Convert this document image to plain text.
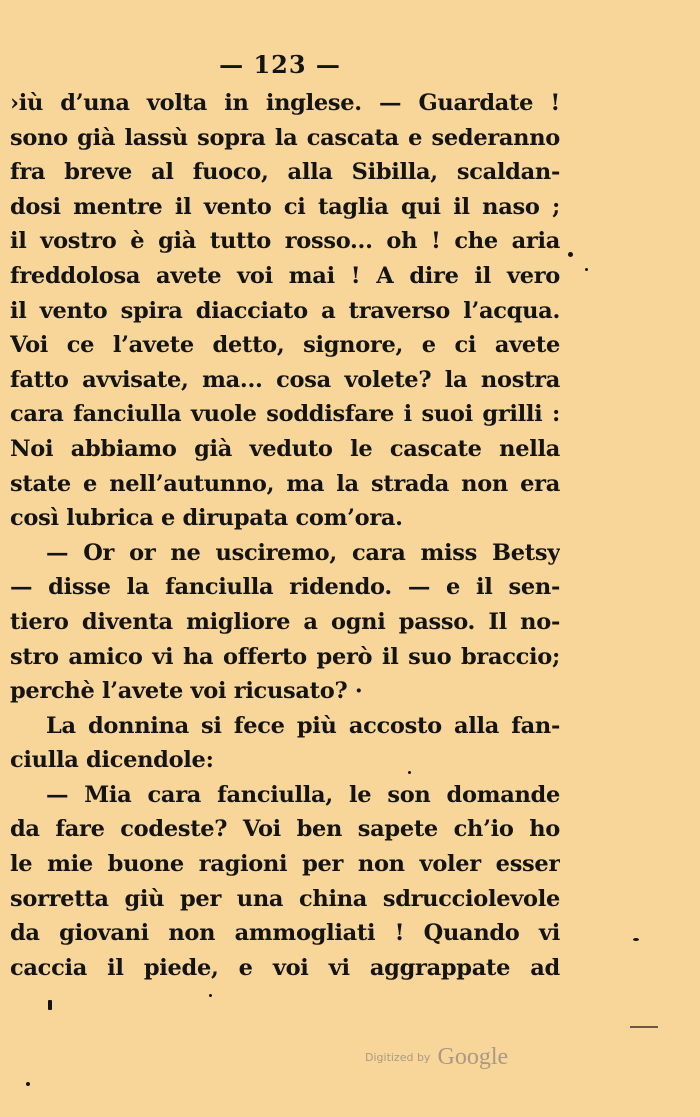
— 123 —
›iù d’una volta in inglese. — Guardate !
sono già lassù sopra la cascata e sederanno
fra breve al fuoco, alla Sibilla, scaldan-
dosi mentre il vento ci taglia qui il naso ;
il vostro è già tutto rosso... oh ! che aria
freddolosa avete voi mai ! A dire il vero
il vento spira diacciato a traverso l’acqua.
Voi ce l’avete detto, signore, e ci avete
fatto avvisate, ma... cosa volete? la nostra
cara fanciulla vuole soddisfare i suoi grilli :
Noi abbiamo già veduto le cascate nella
state e nell’autunno, ma la strada non era
così lubrica e dirupata com’ora.
— Or or ne usciremo, cara miss Betsy
— disse la fanciulla ridendo. — e il sen-
tiero diventa migliore a ogni passo. Il no-
stro amico vi ha offerto però il suo braccio;
perchè l’avete voi ricusato? ·
La donnina si fece più accosto alla fan-
ciulla dicendole:
— Mia cara fanciulla, le son domande
da fare codeste? Voi ben sapete ch’io ho
le mie buone ragioni per non voler esser
sorretta giù per una china sdrucciolevole
da giovani non ammogliati ! Quando vi
caccia il piede, e voi vi aggrappate ad
Digitized by Google
